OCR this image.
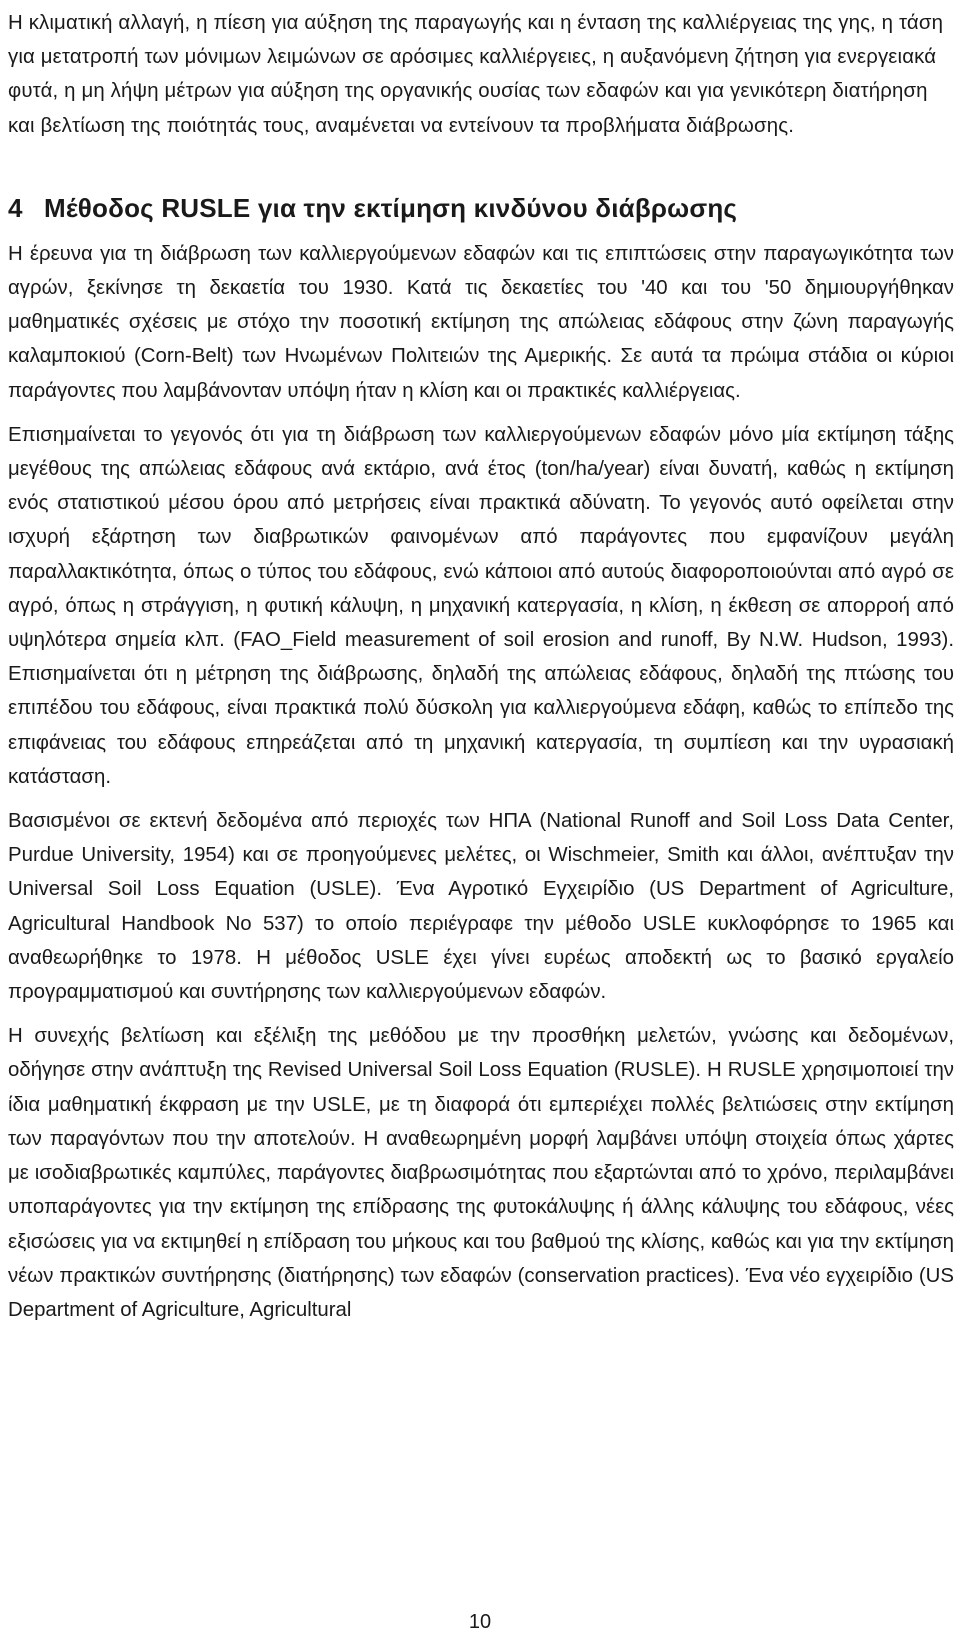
Η κλιματική αλλαγή, η πίεση για αύξηση της παραγωγής και η ένταση της καλλιέργειας της γης, η τάση για μετατροπή των μόνιμων λειμώνων σε αρόσιμες καλλιέργειες, η αυξανόμενη ζήτηση για ενεργειακά φυτά, η μη λήψη μέτρων για αύξηση της οργανικής ουσίας των εδαφών και για γενικότερη διατήρηση και βελτίωση της ποιότητάς τους, αναμένεται να εντείνουν τα προβλήματα διάβρωσης.

4 Μέθοδος RUSLE για την εκτίμηση κινδύνου διάβρωσης

Η έρευνα για τη διάβρωση των καλλιεργούμενων εδαφών και τις επιπτώσεις στην παραγωγικότητα των αγρών, ξεκίνησε τη δεκαετία του 1930. Κατά τις δεκαετίες του '40 και του '50 δημιουργήθηκαν μαθηματικές σχέσεις με στόχο την ποσοτική εκτίμηση της απώλειας εδάφους στην ζώνη παραγωγής καλαμποκιού (Corn-Belt) των Ηνωμένων Πολιτειών της Αμερικής. Σε αυτά τα πρώιμα στάδια οι κύριοι παράγοντες που λαμβάνονταν υπόψη ήταν η κλίση και οι πρακτικές καλλιέργειας.

Επισημαίνεται το γεγονός ότι για τη διάβρωση των καλλιεργούμενων εδαφών μόνο μία εκτίμηση τάξης μεγέθους της απώλειας εδάφους ανά εκτάριο, ανά έτος (ton/ha/year) είναι δυνατή, καθώς η εκτίμηση ενός στατιστικού μέσου όρου από μετρήσεις είναι πρακτικά αδύνατη. Το γεγονός αυτό οφείλεται στην ισχυρή εξάρτηση των διαβρωτικών φαινομένων από παράγοντες που εμφανίζουν μεγάλη παραλλακτικότητα, όπως ο τύπος του εδάφους, ενώ κάποιοι από αυτούς διαφοροποιούνται από αγρό σε αγρό, όπως η στράγγιση, η φυτική κάλυψη, η μηχανική κατεργασία, η κλίση, η έκθεση σε απορροή από υψηλότερα σημεία κλπ. (FAO_Field measurement of soil erosion and runoff, By N.W. Hudson, 1993). Επισημαίνεται ότι η μέτρηση της διάβρωσης, δηλαδή της απώλειας εδάφους, δηλαδή της πτώσης του επιπέδου του εδάφους, είναι πρακτικά πολύ δύσκολη για καλλιεργούμενα εδάφη, καθώς το επίπεδο της επιφάνειας του εδάφους επηρεάζεται από τη μηχανική κατεργασία, τη συμπίεση και την υγρασιακή κατάσταση.

Βασισμένοι σε εκτενή δεδομένα από περιοχές των ΗΠΑ (National Runoff and Soil Loss Data Center, Purdue University, 1954) και σε προηγούμενες μελέτες, οι Wischmeier, Smith και άλλοι, ανέπτυξαν την Universal Soil Loss Equation (USLE). Ένα Αγροτικό Εγχειρίδιο (US Department of Agriculture, Agricultural Handbook No 537) το οποίο περιέγραφε την μέθοδο USLE κυκλοφόρησε το 1965 και αναθεωρήθηκε το 1978. Η μέθοδος USLE έχει γίνει ευρέως αποδεκτή ως το βασικό εργαλείο προγραμματισμού και συντήρησης των καλλιεργούμενων εδαφών.

Η συνεχής βελτίωση και εξέλιξη της μεθόδου με την προσθήκη μελετών, γνώσης και δεδομένων, οδήγησε στην ανάπτυξη της Revised Universal Soil Loss Equation (RUSLE). Η RUSLE χρησιμοποιεί την ίδια μαθηματική έκφραση με την USLE, με τη διαφορά ότι εμπεριέχει πολλές βελτιώσεις στην εκτίμηση των παραγόντων που την αποτελούν. Η αναθεωρημένη μορφή λαμβάνει υπόψη στοιχεία όπως χάρτες με ισοδιαβρωτικές καμπύλες, παράγοντες διαβρωσιμότητας που εξαρτώνται από το χρόνο, περιλαμβάνει υποπαράγοντες για την εκτίμηση της επίδρασης της φυτοκάλυψης ή άλλης κάλυψης του εδάφους, νέες εξισώσεις για να εκτιμηθεί η επίδραση του μήκους και του βαθμού της κλίσης, καθώς και για την εκτίμηση νέων πρακτικών συντήρησης (διατήρησης) των εδαφών (conservation practices). Ένα νέο εγχειρίδιο (US Department of Agriculture, Agricultural

10
